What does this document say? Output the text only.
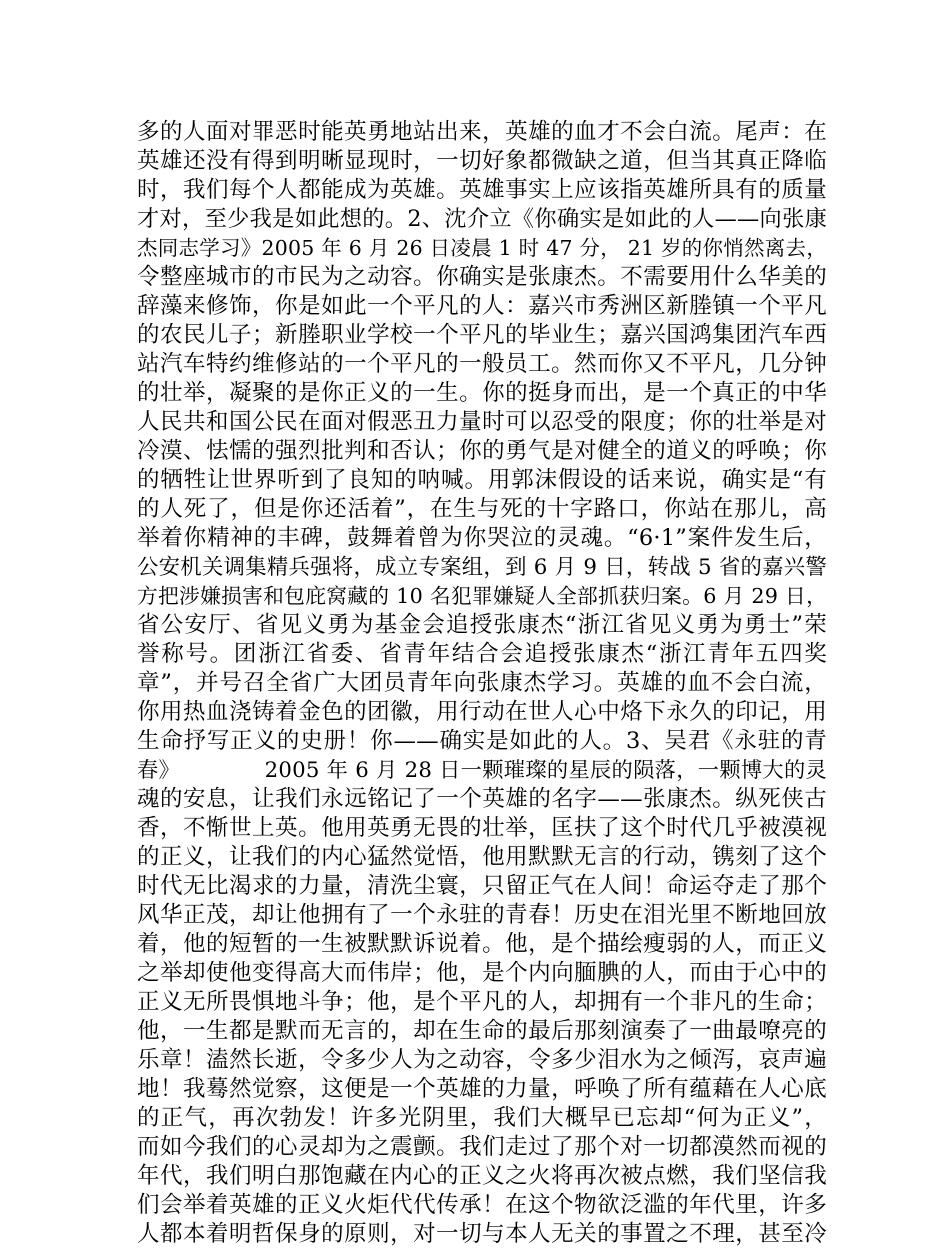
多的人面对罪恶时能英勇地站出来，英雄的血才不会白流。尾声：在
英雄还没有得到明晰显现时，一切好象都微缺之道，但当其真正降临
时，我们每个人都能成为英雄。英雄事实上应该指英雄所具有的质量
才对，至少我是如此想的。2、沈介立《你确实是如此的人——向张康
杰同志学习》2005 年 6 月 26 日凌晨 1 时 47 分， 21 岁的你悄然离去，
令整座城市的市民为之动容。你确实是张康杰。不需要用什么华美的
辞藻来修饰，你是如此一个平凡的人：嘉兴市秀洲区新塍镇一个平凡
的农民儿子；新塍职业学校一个平凡的毕业生；嘉兴国鸿集团汽车西
站汽车特约维修站的一个平凡的一般员工。然而你又不平凡，几分钟
的壮举，凝聚的是你正义的一生。你的挺身而出，是一个真正的中华
人民共和国公民在面对假恶丑力量时可以忍受的限度；你的壮举是对
冷漠、怯懦的强烈批判和否认；你的勇气是对健全的道义的呼唤；你
的牺牲让世界听到了良知的呐喊。用郭沫假设的话来说，确实是“有
的人死了，但是你还活着”，在生与死的十字路口，你站在那儿，高
举着你精神的丰碑，鼓舞着曾为你哭泣的灵魂。“6·1”案件发生后，
公安机关调集精兵强将，成立专案组，到 6 月 9 日，转战 5 省的嘉兴警
方把涉嫌损害和包庇窝藏的 10 名犯罪嫌疑人全部抓获归案。6 月 29 日，
省公安厅、省见义勇为基金会追授张康杰“浙江省见义勇为勇士”荣
誉称号。团浙江省委、省青年结合会追授张康杰“浙江青年五四奖
章”，并号召全省广大团员青年向张康杰学习。英雄的血不会白流，
你用热血浇铸着金色的团徽，用行动在世人心中烙下永久的印记，用
生命抒写正义的史册！你——确实是如此的人。3、吴君《永驻的青
春》            2005 年 6 月 28 日一颗璀璨的星辰的陨落，一颗博大的灵
魂的安息，让我们永远铭记了一个英雄的名字——张康杰。纵死侠古
香，不惭世上英。他用英勇无畏的壮举，匡扶了这个时代几乎被漠视
的正义，让我们的内心猛然觉悟，他用默默无言的行动，镌刻了这个
时代无比渴求的力量，清洗尘寰，只留正气在人间！命运夺走了那个
风华正茂，却让他拥有了一个永驻的青春！历史在泪光里不断地回放
着，他的短暂的一生被默默诉说着。他，是个描绘瘦弱的人，而正义
之举却使他变得高大而伟岸；他，是个内向腼腆的人，而由于心中的
正义无所畏惧地斗争；他，是个平凡的人，却拥有一个非凡的生命；
他，一生都是默而无言的，却在生命的最后那刻演奏了一曲最嘹亮的
乐章！溘然长逝，令多少人为之动容，令多少泪水为之倾泻，哀声遍
地！我蓦然觉察，这便是一个英雄的力量，呼唤了所有蕴藉在人心底
的正气，再次勃发！许多光阴里，我们大概早已忘却“何为正义”，
而如今我们的心灵却为之震颤。我们走过了那个对一切都漠然而视的
年代，我们明白那饱藏在内心的正义之火将再次被点燃，我们坚信我
们会举着英雄的正义火炬代代传承！在这个物欲泛滥的年代里，许多
人都本着明哲保身的原则，对一切与本人无关的事置之不理，甚至冷
